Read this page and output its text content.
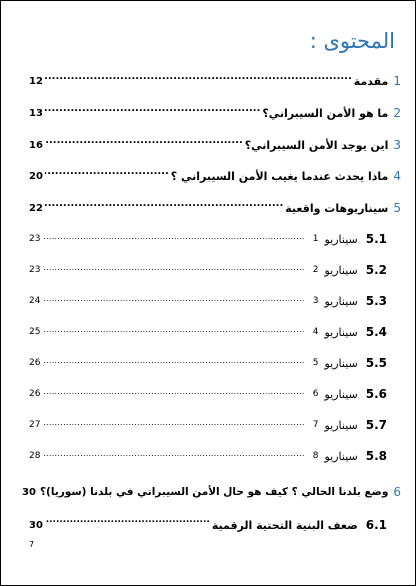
المحتوى :
1
مقدمة
.....
12
2
ما هو الأمن السيبراني؟
.....
13
3
اين يوجد الأمن السيبراني؟
.....
16
4
ماذا يحدث عندما يغيب الأمن السيبراني ؟
.....
20
5
سيناريوهات واقعية
.....
22
5.1
سيناريو
1
.....
23
5.2
سيناريو
2
.....
23
5.3
سيناريو
3
.....
24
5.4
سيناريو
4
.....
25
5.5
سيناريو
5
.....
26
5.6
سيناريو
6
.....
26
5.7
سيناريو
7
.....
27
5.8
سيناريو
8
.....
28
6
وضع بلدنا الحالي ؟ كيف هو حال الأمن السيبراني في بلدنا (سوريا)؟
30
6.1
ضعف البنية التحتية الرقمية
.....
30
7
